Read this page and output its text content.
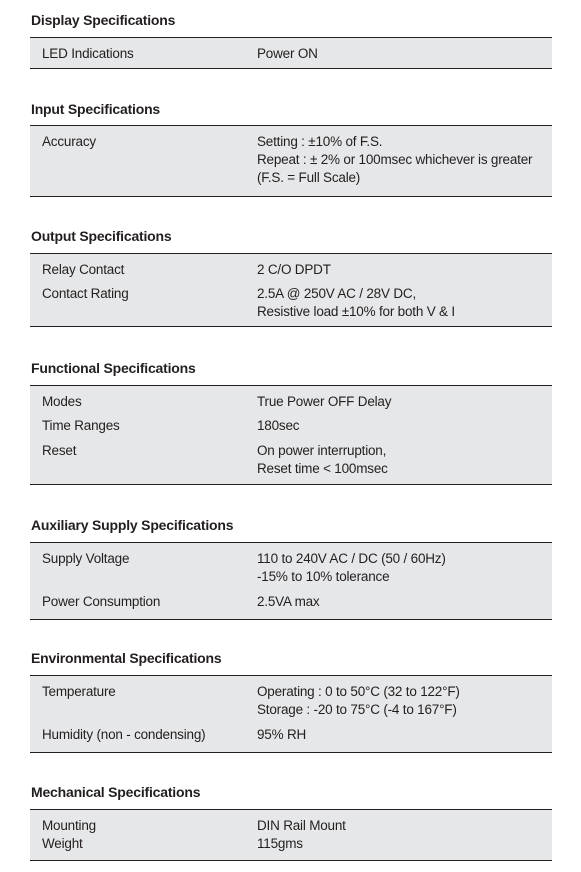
Display Specifications
LED Indications	Power ON
Input Specifications
Accuracy	Setting : ±10% of F.S.
Repeat : ± 2% or 100msec whichever is greater
(F.S. = Full Scale)
Output Specifications
Relay Contact	2 C/O DPDT
Contact Rating	2.5A @ 250V AC / 28V DC,
Resistive load ±10% for both V & I
Functional Specifications
Modes	True Power OFF Delay
Time Ranges	180sec
Reset	On power interruption,
Reset time < 100msec
Auxiliary Supply Specifications
Supply Voltage	110 to 240V AC / DC (50 / 60Hz)
-15% to 10% tolerance
Power Consumption	2.5VA max
Environmental Specifications
Temperature	Operating : 0 to 50°C (32 to 122°F)
Storage : -20 to 75°C (-4 to 167°F)
Humidity (non - condensing)	95% RH
Mechanical Specifications
Mounting	DIN Rail Mount
Weight	115gms
